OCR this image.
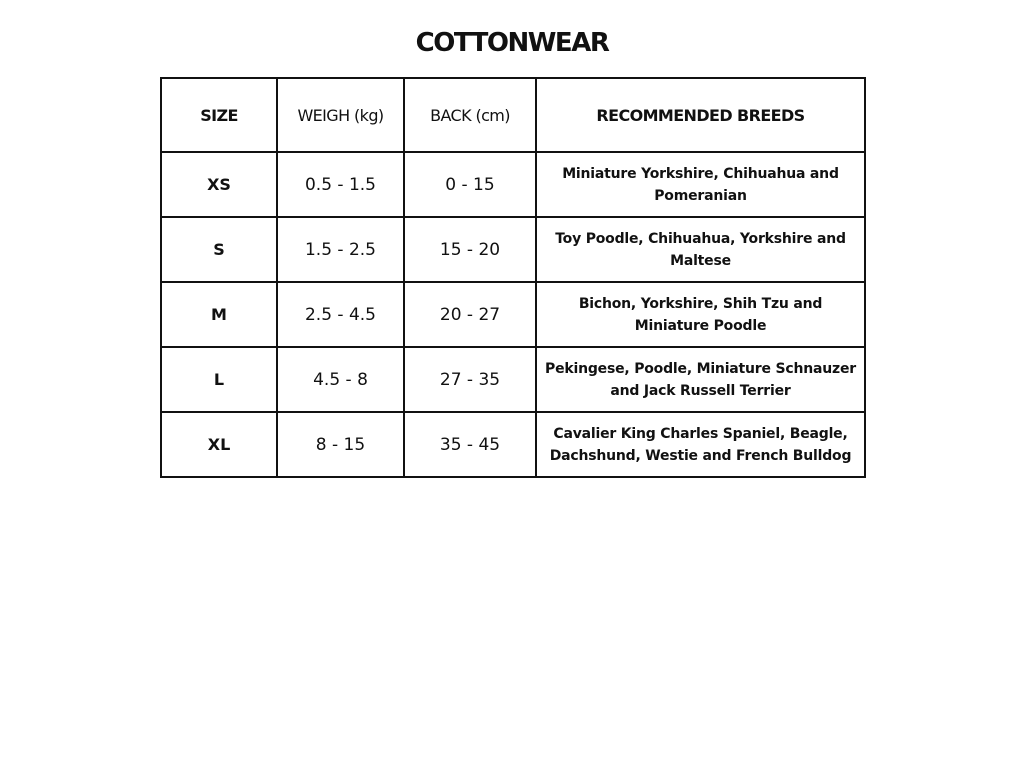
COTTONWEAR
SIZE	WEIGH (kg)	BACK (cm)	RECOMMENDED BREEDS
XS	0.5 - 1.5	0 - 15	Miniature Yorkshire, Chihuahua and Pomeranian
S	1.5 - 2.5	15 - 20	Toy Poodle, Chihuahua, Yorkshire and Maltese
M	2.5 - 4.5	20 - 27	Bichon, Yorkshire, Shih Tzu and Miniature Poodle
L	4.5 - 8	27 - 35	Pekingese, Poodle, Miniature Schnauzer and Jack Russell Terrier
XL	8 - 15	35 - 45	Cavalier King Charles Spaniel, Beagle, Dachshund, Westie and French Bulldog
